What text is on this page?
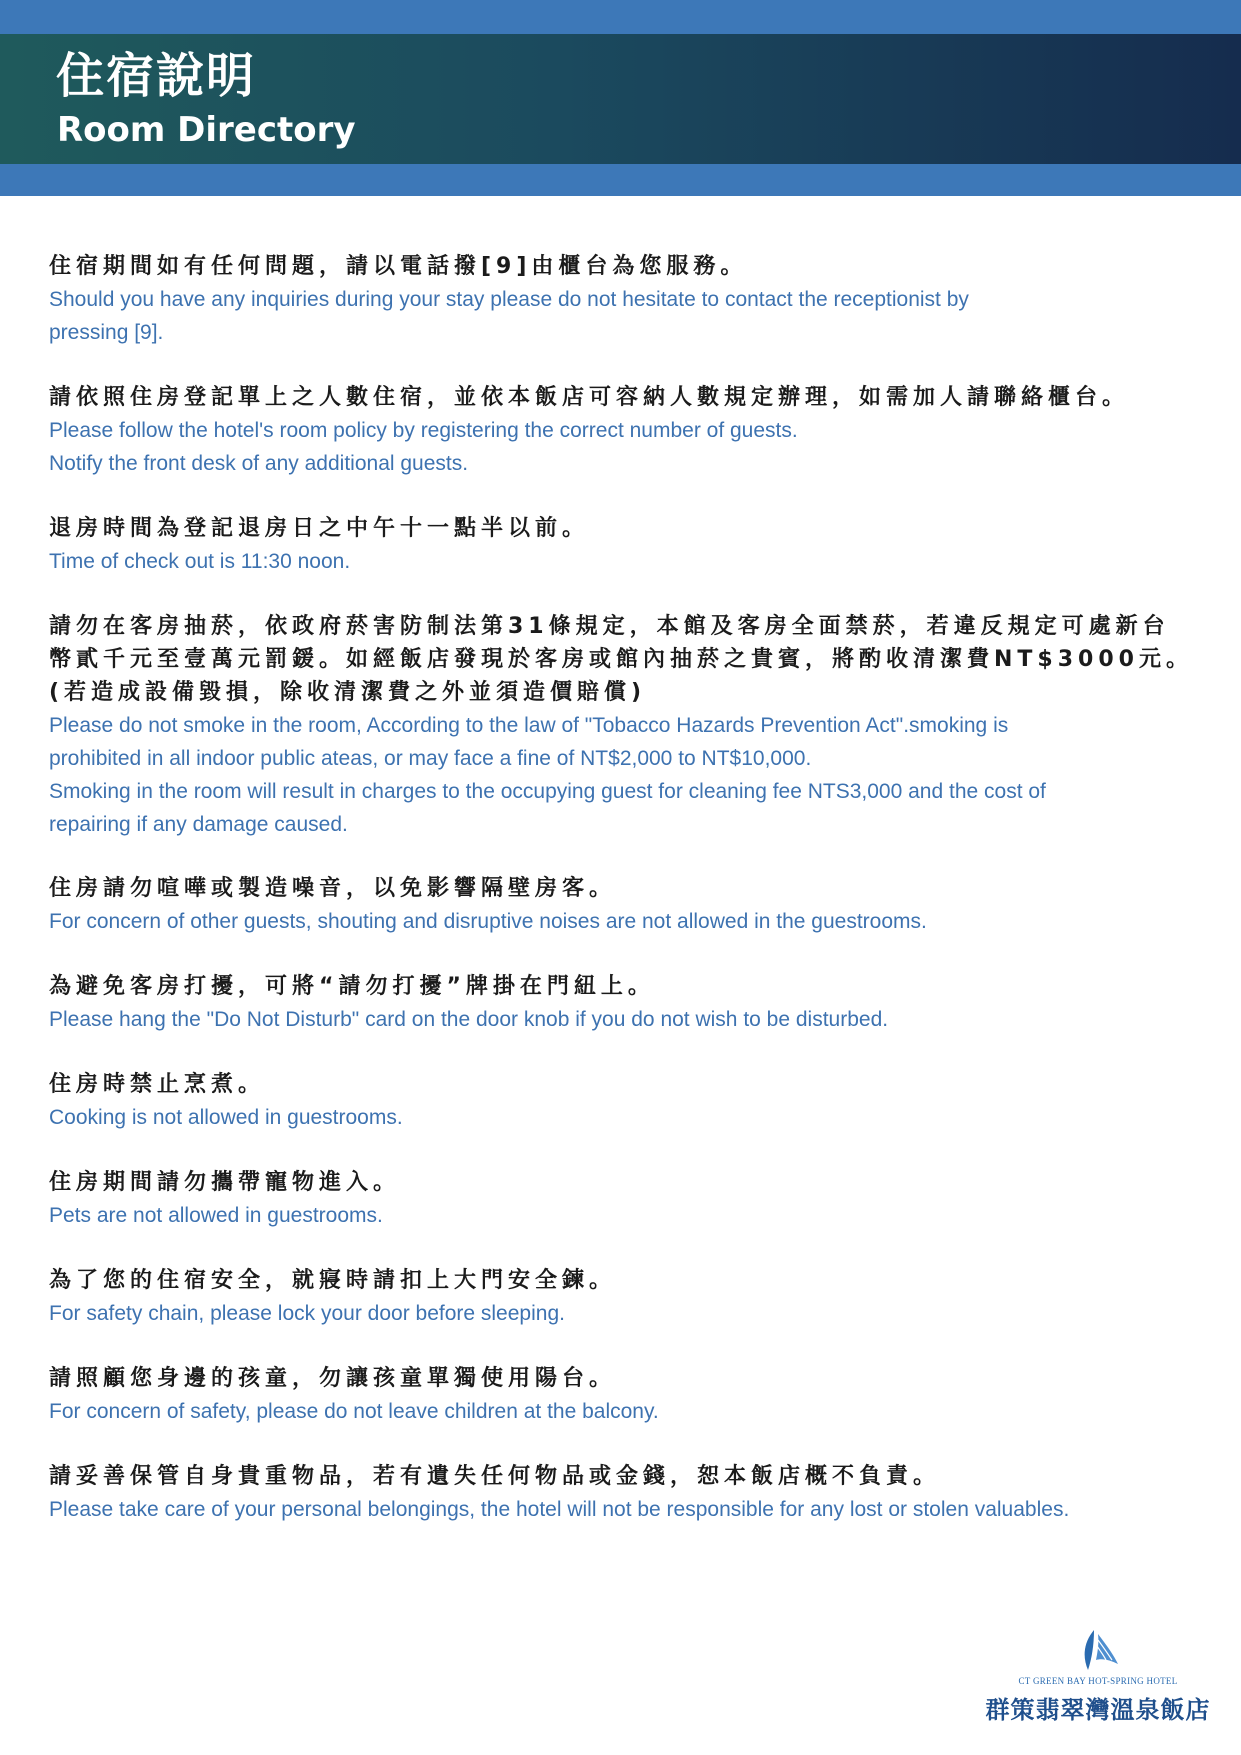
住宿說明
Room Directory
住宿期間如有任何問題，請以電話撥[9]由櫃台為您服務。
Should you have any inquiries during your stay please do not hesitate to contact the receptionist by
pressing [9].
請依照住房登記單上之人數住宿，並依本飯店可容納人數規定辦理，如需加人請聯絡櫃台。
Please follow the hotel's room policy by registering the correct number of guests.
Notify the front desk of any additional guests.
退房時間為登記退房日之中午十一點半以前。
Time of check out is 11:30 noon.
請勿在客房抽菸，依政府菸害防制法第31條規定，本館及客房全面禁菸，若違反規定可處新台
幣貳千元至壹萬元罰鍰。如經飯店發現於客房或館內抽菸之貴賓，將酌收清潔費NT$3000元。
(若造成設備毀損，除收清潔費之外並須造價賠償)
Please do not smoke in the room, According to the law of "Tobacco Hazards Prevention Act".smoking is
prohibited in all indoor public ateas, or may face a fine of NT$2,000 to NT$10,000.
Smoking in the room will result in charges to the occupying guest for cleaning fee NTS3,000 and the cost of
repairing if any damage caused.
住房請勿喧嘩或製造噪音，以免影響隔壁房客。
For concern of other guests, shouting and disruptive noises are not allowed in the guestrooms.
為避免客房打擾，可將“請勿打擾”牌掛在門紐上。
Please hang the "Do Not Disturb" card on the door knob if you do not wish to be disturbed.
住房時禁止烹煮。
Cooking is not allowed in guestrooms.
住房期間請勿攜帶寵物進入。
Pets are not allowed in guestrooms.
為了您的住宿安全，就寢時請扣上大門安全鍊。
For safety chain, please lock your door before sleeping.
請照顧您身邊的孩童，勿讓孩童單獨使用陽台。
For concern of safety, please do not leave children at the balcony.
請妥善保管自身貴重物品，若有遺失任何物品或金錢，恕本飯店概不負責。
Please take care of your personal belongings, the hotel will not be responsible for any lost or stolen valuables.
CT GREEN BAY HOT-SPRING HOTEL
群策翡翠灣溫泉飯店
